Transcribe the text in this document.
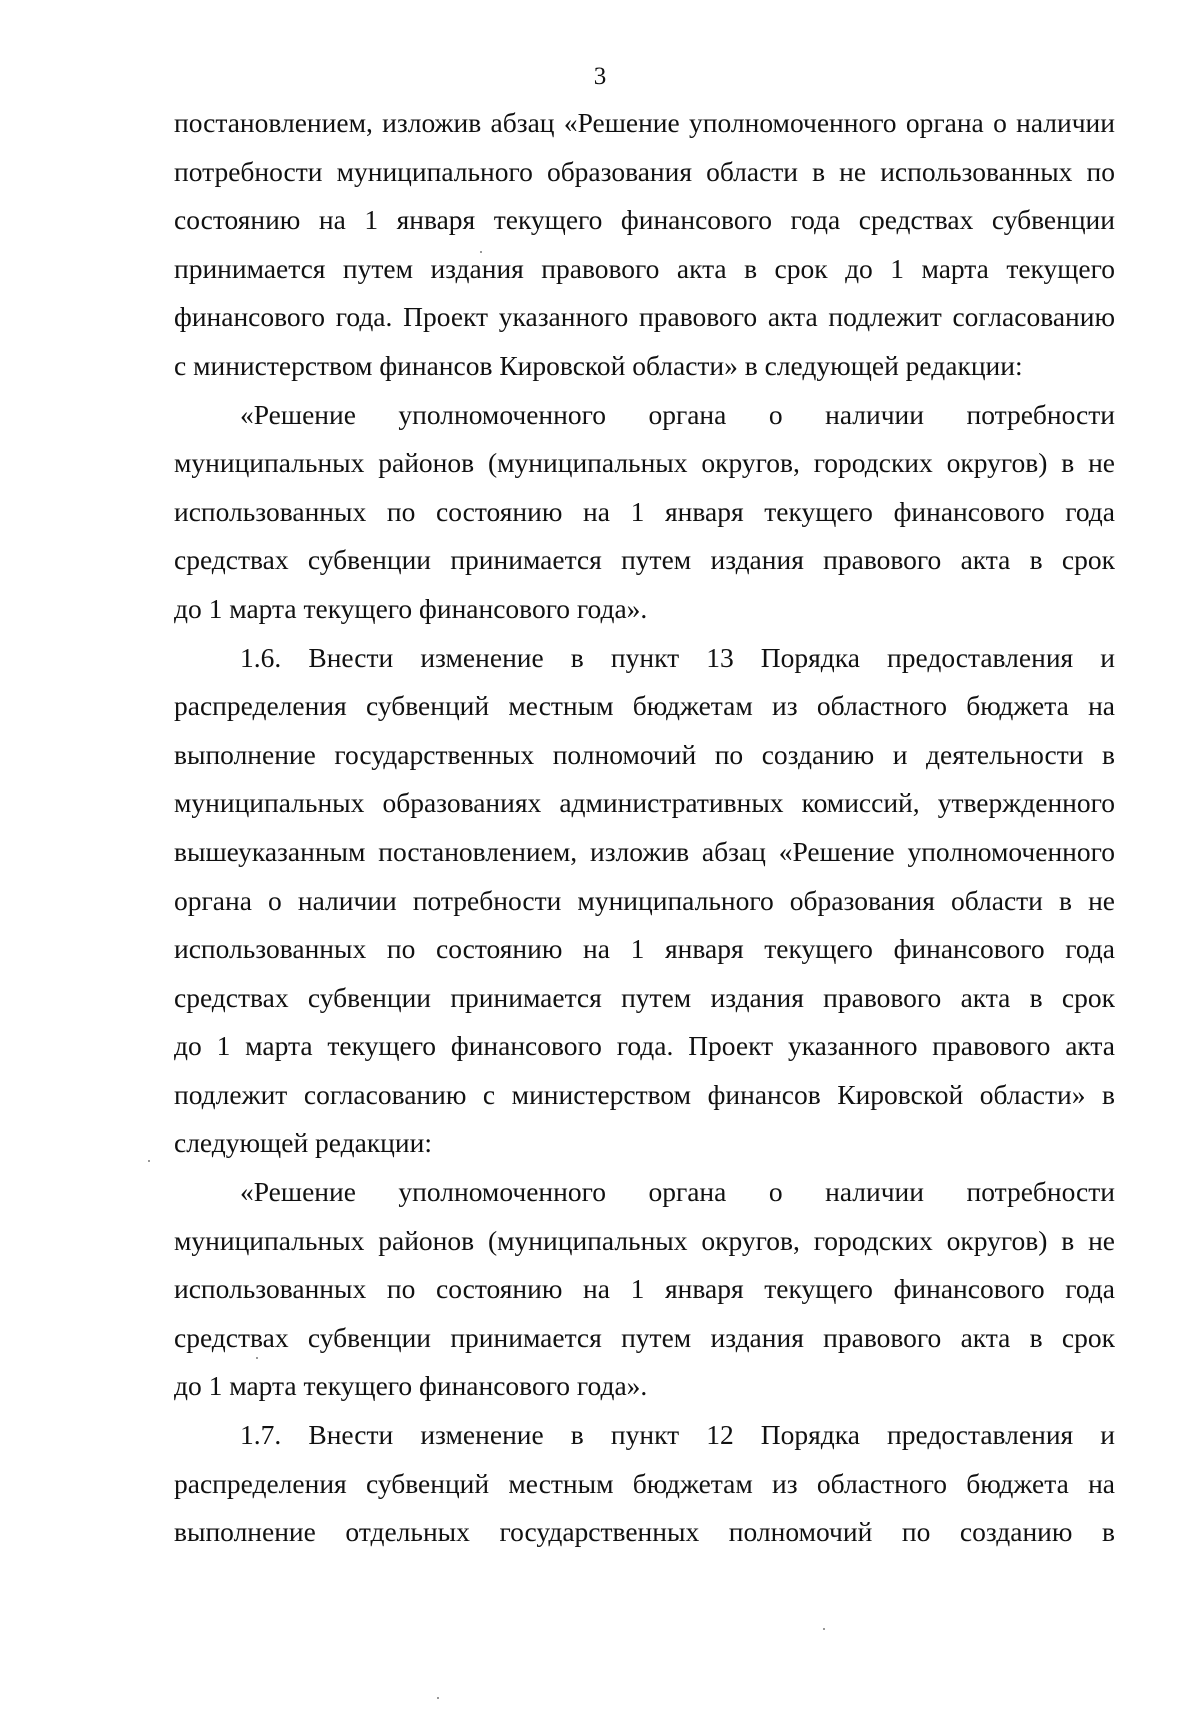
3
постановлением, изложив абзац «Решение уполномоченного органа о наличии
потребности муниципального образования области в не использованных по
состоянию на 1 января текущего финансового года средствах субвенции
принимается путем издания правового акта в срок до 1 марта текущего
финансового года. Проект указанного правового акта подлежит согласованию
с министерством финансов Кировской области» в следующей редакции:
«Решение уполномоченного органа о наличии потребности
муниципальных районов (муниципальных округов, городских округов) в не
использованных по состоянию на 1 января текущего финансового года
средствах субвенции принимается путем издания правового акта в срок
до 1 марта текущего финансового года».
1.6. Внести изменение в пункт 13 Порядка предоставления и
распределения субвенций местным бюджетам из областного бюджета на
выполнение государственных полномочий по созданию и деятельности в
муниципальных образованиях административных комиссий, утвержденного
вышеуказанным постановлением, изложив абзац «Решение уполномоченного
органа о наличии потребности муниципального образования области в не
использованных по состоянию на 1 января текущего финансового года
средствах субвенции принимается путем издания правового акта в срок
до 1 марта текущего финансового года. Проект указанного правового акта
подлежит согласованию с министерством финансов Кировской области» в
следующей редакции:
«Решение уполномоченного органа о наличии потребности
муниципальных районов (муниципальных округов, городских округов) в не
использованных по состоянию на 1 января текущего финансового года
средствах субвенции принимается путем издания правового акта в срок
до 1 марта текущего финансового года».
1.7. Внести изменение в пункт 12 Порядка предоставления и
распределения субвенций местным бюджетам из областного бюджета на
выполнение отдельных государственных полномочий по созданию в
